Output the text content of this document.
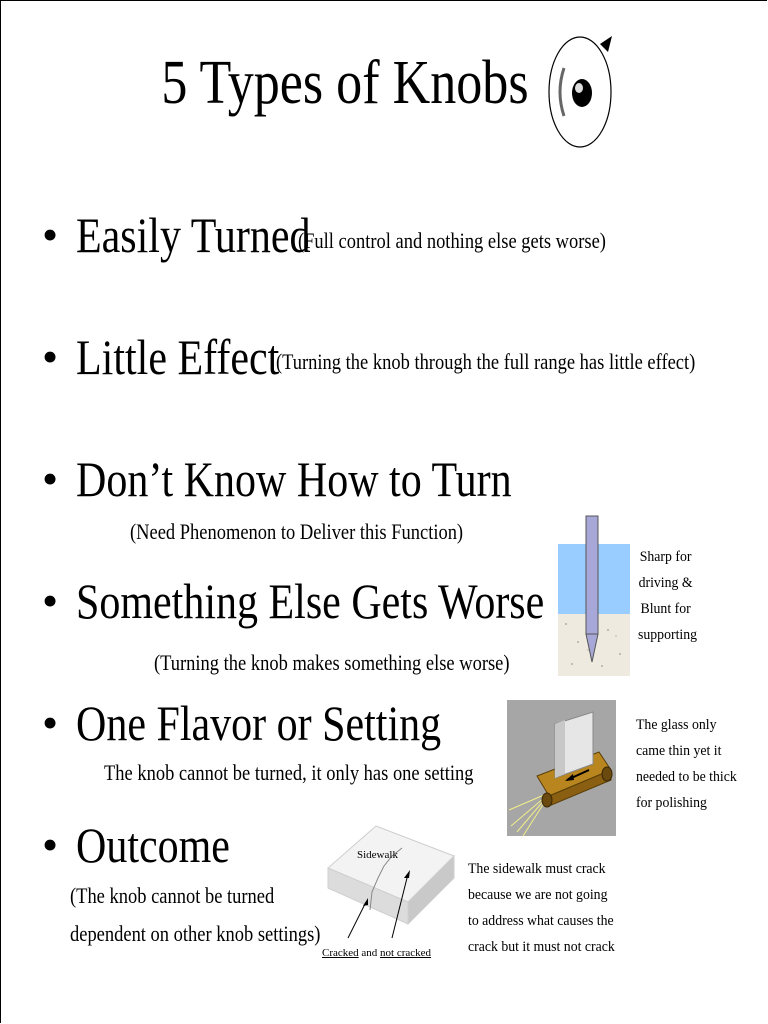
5 Types of Knobs
• Easily Turned
(Full control and nothing else gets worse)
• Little Effect
(Turning the knob through the full range has little effect)
• Don’t Know How to Turn
(Need Phenomenon to Deliver this Function)
• Something Else Gets Worse
(Turning the knob makes something else worse)
• One Flavor or Setting
The knob cannot be turned, it only has one setting
• Outcome
(The knob cannot be turned
dependent on other knob settings)
Sharp for
driving &
Blunt for
supporting
The glass only
came thin yet it
needed to be thick
for polishing
Sidewalk
Cracked and not cracked
The sidewalk must crack
because we are not going
to address what causes the
crack but it must not crack
